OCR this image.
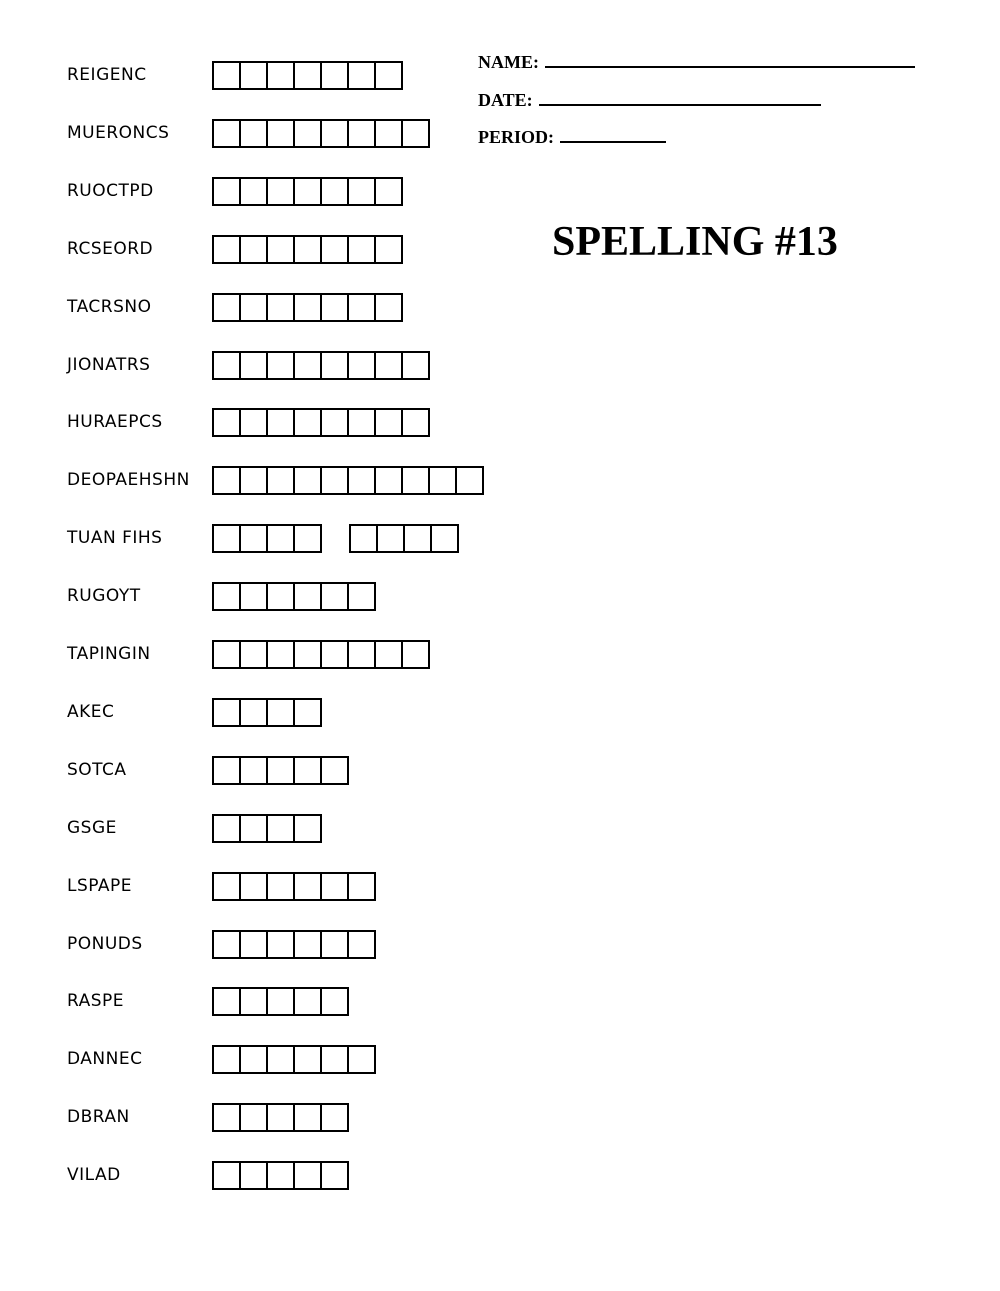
NAME:
DATE:
PERIOD:
SPELLING #13
REIGENC
MUERONCS
RUOCTPD
RCSEORD
TACRSNO
JIONATRS
HURAEPCS
DEOPAEHSHN
TUAN FIHS
RUGOYT
TAPINGIN
AKEC
SOTCA
GSGE
LSPAPE
PONUDS
RASPE
DANNEC
DBRAN
VILAD
